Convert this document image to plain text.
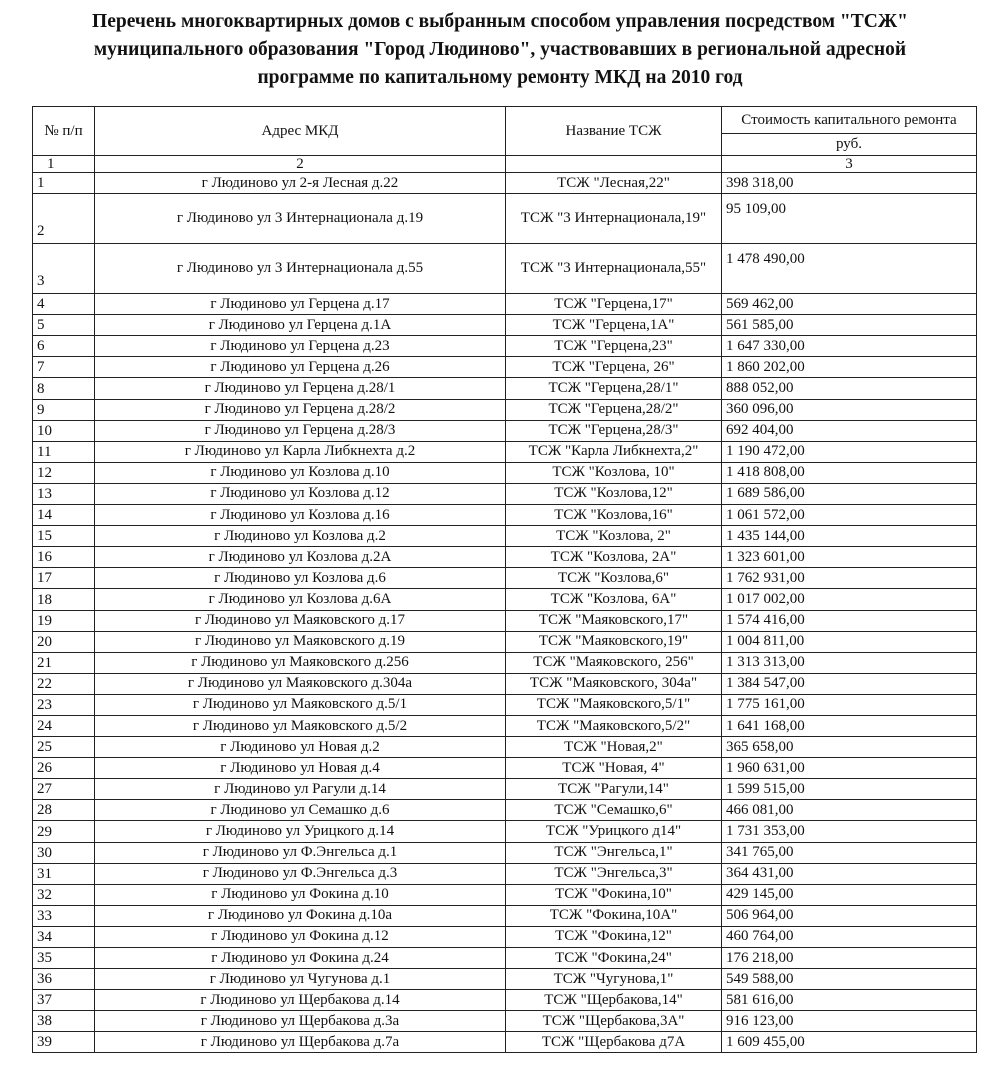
Перечень многоквартирных домов с выбранным способом управления посредством "ТСЖ"
муниципального образования "Город Людиново", участвовавших в региональной адресной
программе по капитальному ремонту МКД на 2010 год
№ п/п	Адрес МКД	Название ТСЖ	Стоимость капитального ремонта
			руб.
1	2		3
1	г Людиново ул 2-я Лесная д.22	ТСЖ "Лесная,22"	398 318,00
2	г Людиново ул 3 Интернационала д.19	ТСЖ "3 Интернационала,19"	95 109,00
3	г Людиново ул 3 Интернационала д.55	ТСЖ "3 Интернационала,55"	1 478 490,00
4	г Людиново ул Герцена д.17	ТСЖ "Герцена,17"	569 462,00
5	г Людиново ул Герцена д.1А	ТСЖ "Герцена,1А"	561 585,00
6	г Людиново ул Герцена д.23	ТСЖ "Герцена,23"	1 647 330,00
7	г Людиново ул Герцена д.26	ТСЖ "Герцена, 26"	1 860 202,00
8	г Людиново ул Герцена д.28/1	ТСЖ "Герцена,28/1"	888 052,00
9	г Людиново ул Герцена д.28/2	ТСЖ "Герцена,28/2"	360 096,00
10	г Людиново ул Герцена д.28/3	ТСЖ "Герцена,28/3"	692 404,00
11	г Людиново ул Карла Либкнехта д.2	ТСЖ "Карла Либкнехта,2"	1 190 472,00
12	г Людиново ул Козлова д.10	ТСЖ "Козлова, 10"	1 418 808,00
13	г Людиново ул Козлова д.12	ТСЖ "Козлова,12"	1 689 586,00
14	г Людиново ул Козлова д.16	ТСЖ "Козлова,16"	1 061 572,00
15	г Людиново ул Козлова д.2	ТСЖ "Козлова, 2"	1 435 144,00
16	г Людиново ул Козлова д.2А	ТСЖ "Козлова, 2А"	1 323 601,00
17	г Людиново ул Козлова д.6	ТСЖ "Козлова,6"	1 762 931,00
18	г Людиново ул Козлова д.6А	ТСЖ "Козлова, 6А"	1 017 002,00
19	г Людиново ул Маяковского д.17	ТСЖ "Маяковского,17"	1 574 416,00
20	г Людиново ул Маяковского д.19	ТСЖ "Маяковского,19"	1 004 811,00
21	г Людиново ул Маяковского д.256	ТСЖ "Маяковского, 256"	1 313 313,00
22	г Людиново ул Маяковского д.304а	ТСЖ "Маяковского, 304а"	1 384 547,00
23	г Людиново ул Маяковского д.5/1	ТСЖ "Маяковского,5/1"	1 775 161,00
24	г Людиново ул Маяковского д.5/2	ТСЖ "Маяковского,5/2"	1 641 168,00
25	г Людиново ул Новая д.2	ТСЖ "Новая,2"	365 658,00
26	г Людиново ул Новая д.4	ТСЖ "Новая, 4"	1 960 631,00
27	г Людиново ул Рагули д.14	ТСЖ "Рагули,14"	1 599 515,00
28	г Людиново ул Семашко д.6	ТСЖ "Семашко,6"	466 081,00
29	г Людиново ул Урицкого д.14	ТСЖ "Урицкого д14"	1 731 353,00
30	г Людиново ул Ф.Энгельса д.1	ТСЖ "Энгельса,1"	341 765,00
31	г Людиново ул Ф.Энгельса д.3	ТСЖ "Энгельса,3"	364 431,00
32	г Людиново ул Фокина д.10	ТСЖ "Фокина,10"	429 145,00
33	г Людиново ул Фокина д.10а	ТСЖ "Фокина,10А"	506 964,00
34	г Людиново ул Фокина д.12	ТСЖ "Фокина,12"	460 764,00
35	г Людиново ул Фокина д.24	ТСЖ "Фокина,24"	176 218,00
36	г Людиново ул Чугунова д.1	ТСЖ "Чугунова,1"	549 588,00
37	г Людиново ул Щербакова д.14	ТСЖ "Щербакова,14"	581 616,00
38	г Людиново ул Щербакова д.3а	ТСЖ "Щербакова,3А"	916 123,00
39	г Людиново ул Щербакова д.7а	ТСЖ "Щербакова д7А	1 609 455,00
